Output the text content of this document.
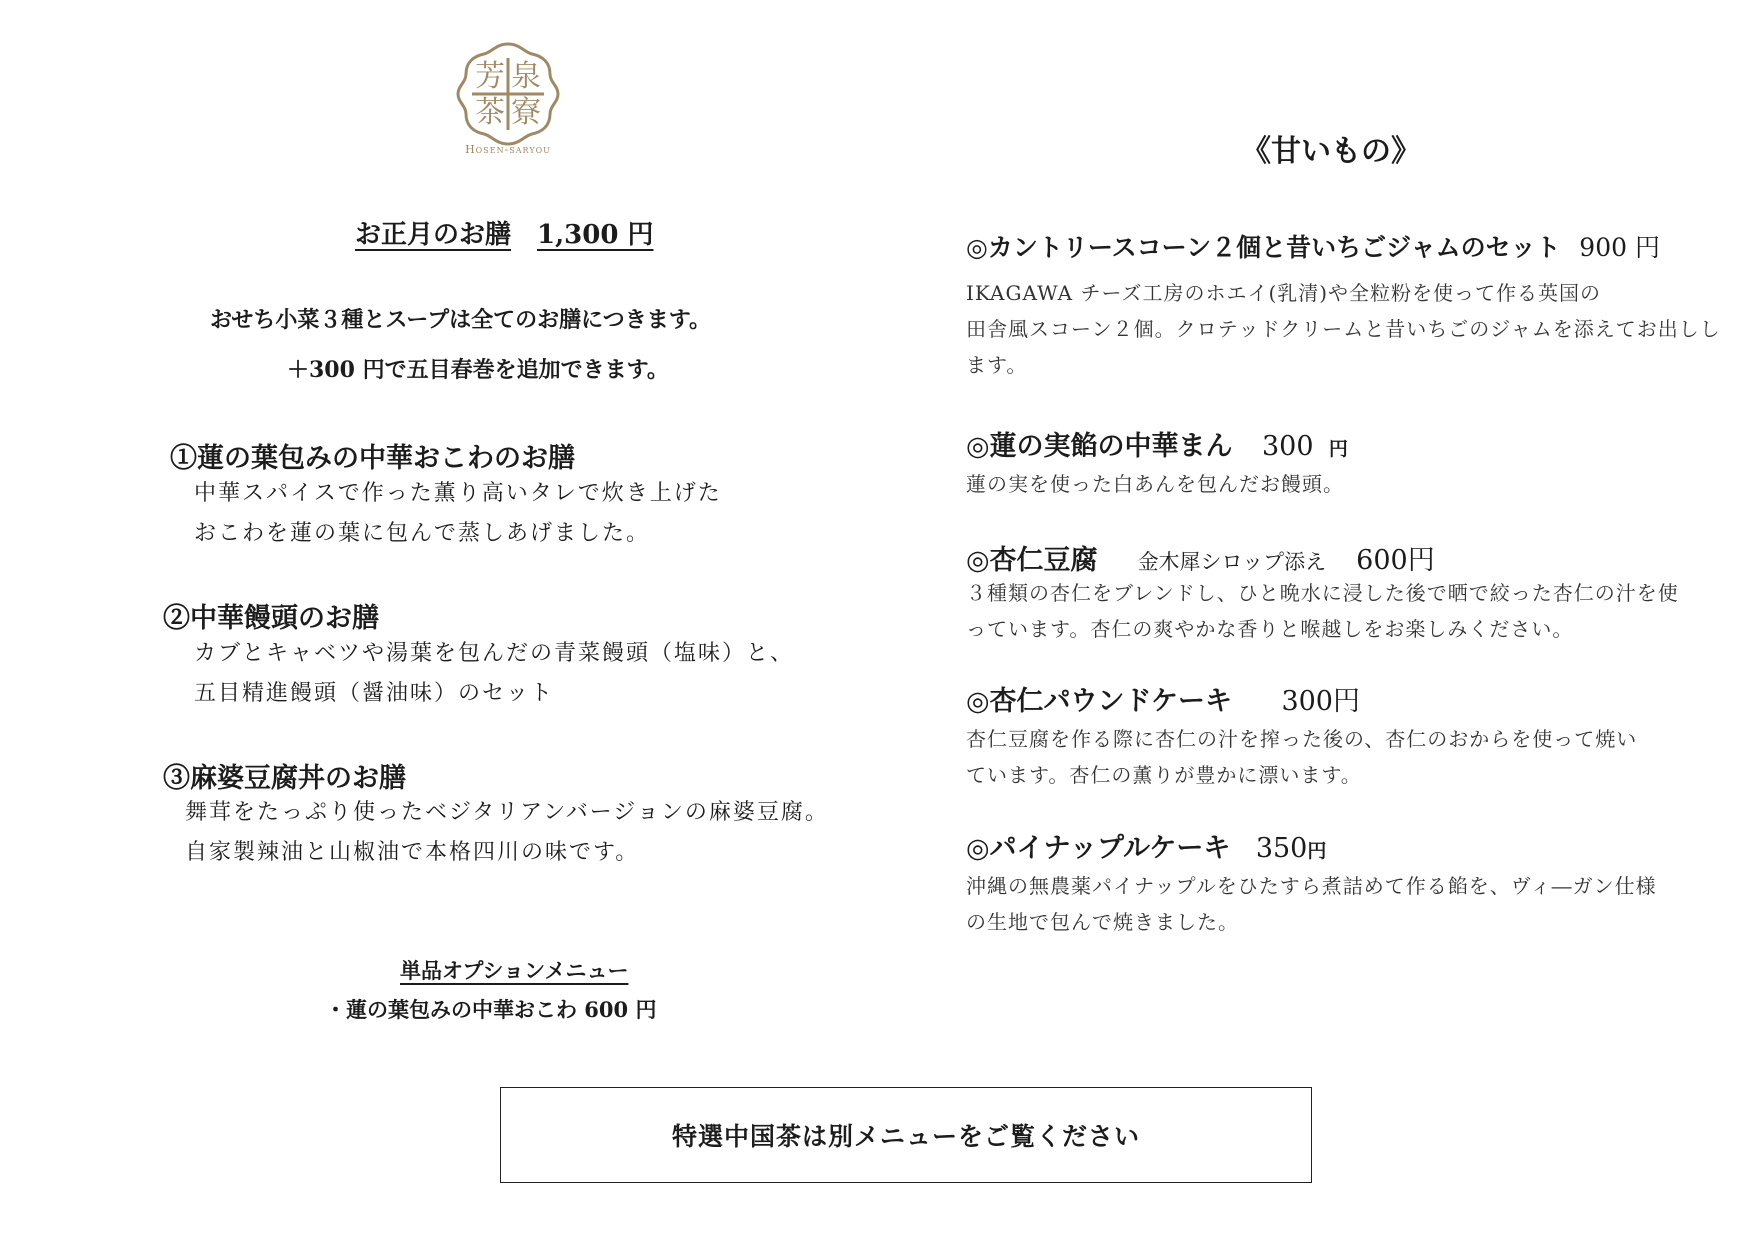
芳 泉
茶 寮
Hosen-saryou
お正月のお膳 1,300 円
おせち小菜３種とスープは全てのお膳につきます。
＋300 円で五目春巻を追加できます。
①蓮の葉包みの中華おこわのお膳
中華スパイスで作った薫り高いタレで炊き上げた
おこわを蓮の葉に包んで蒸しあげました。
②中華饅頭のお膳
カブとキャベツや湯葉を包んだの青菜饅頭（塩味）と、
五目精進饅頭（醤油味）のセット
③麻婆豆腐丼のお膳
舞茸をたっぷり使ったベジタリアンバージョンの麻婆豆腐。
自家製辣油と山椒油で本格四川の味です。
単品オプションメニュー
・蓮の葉包みの中華おこわ 600 円
《甘いもの》
◎カントリースコーン２個と昔いちごジャムのセット 900 円
IKAGAWA チーズ工房のホエイ(乳清)や全粒粉を使って作る英国の
田舎風スコーン２個。クロテッドクリームと昔いちごのジャムを添えてお出しし
ます。
◎蓮の実餡の中華まん 300 円
蓮の実を使った白あんを包んだお饅頭。
◎杏仁豆腐 金木犀シロップ添え 600円
３種類の杏仁をブレンドし、ひと晩水に浸した後で晒で絞った杏仁の汁を使
っています。杏仁の爽やかな香りと喉越しをお楽しみください。
◎杏仁パウンドケーキ 300円
杏仁豆腐を作る際に杏仁の汁を搾った後の、杏仁のおからを使って焼い
ています。杏仁の薫りが豊かに漂います。
◎パイナップルケーキ 350円
沖縄の無農薬パイナップルをひたすら煮詰めて作る餡を、ヴィ―ガン仕様
の生地で包んで焼きました。
特選中国茶は別メニューをご覧ください
